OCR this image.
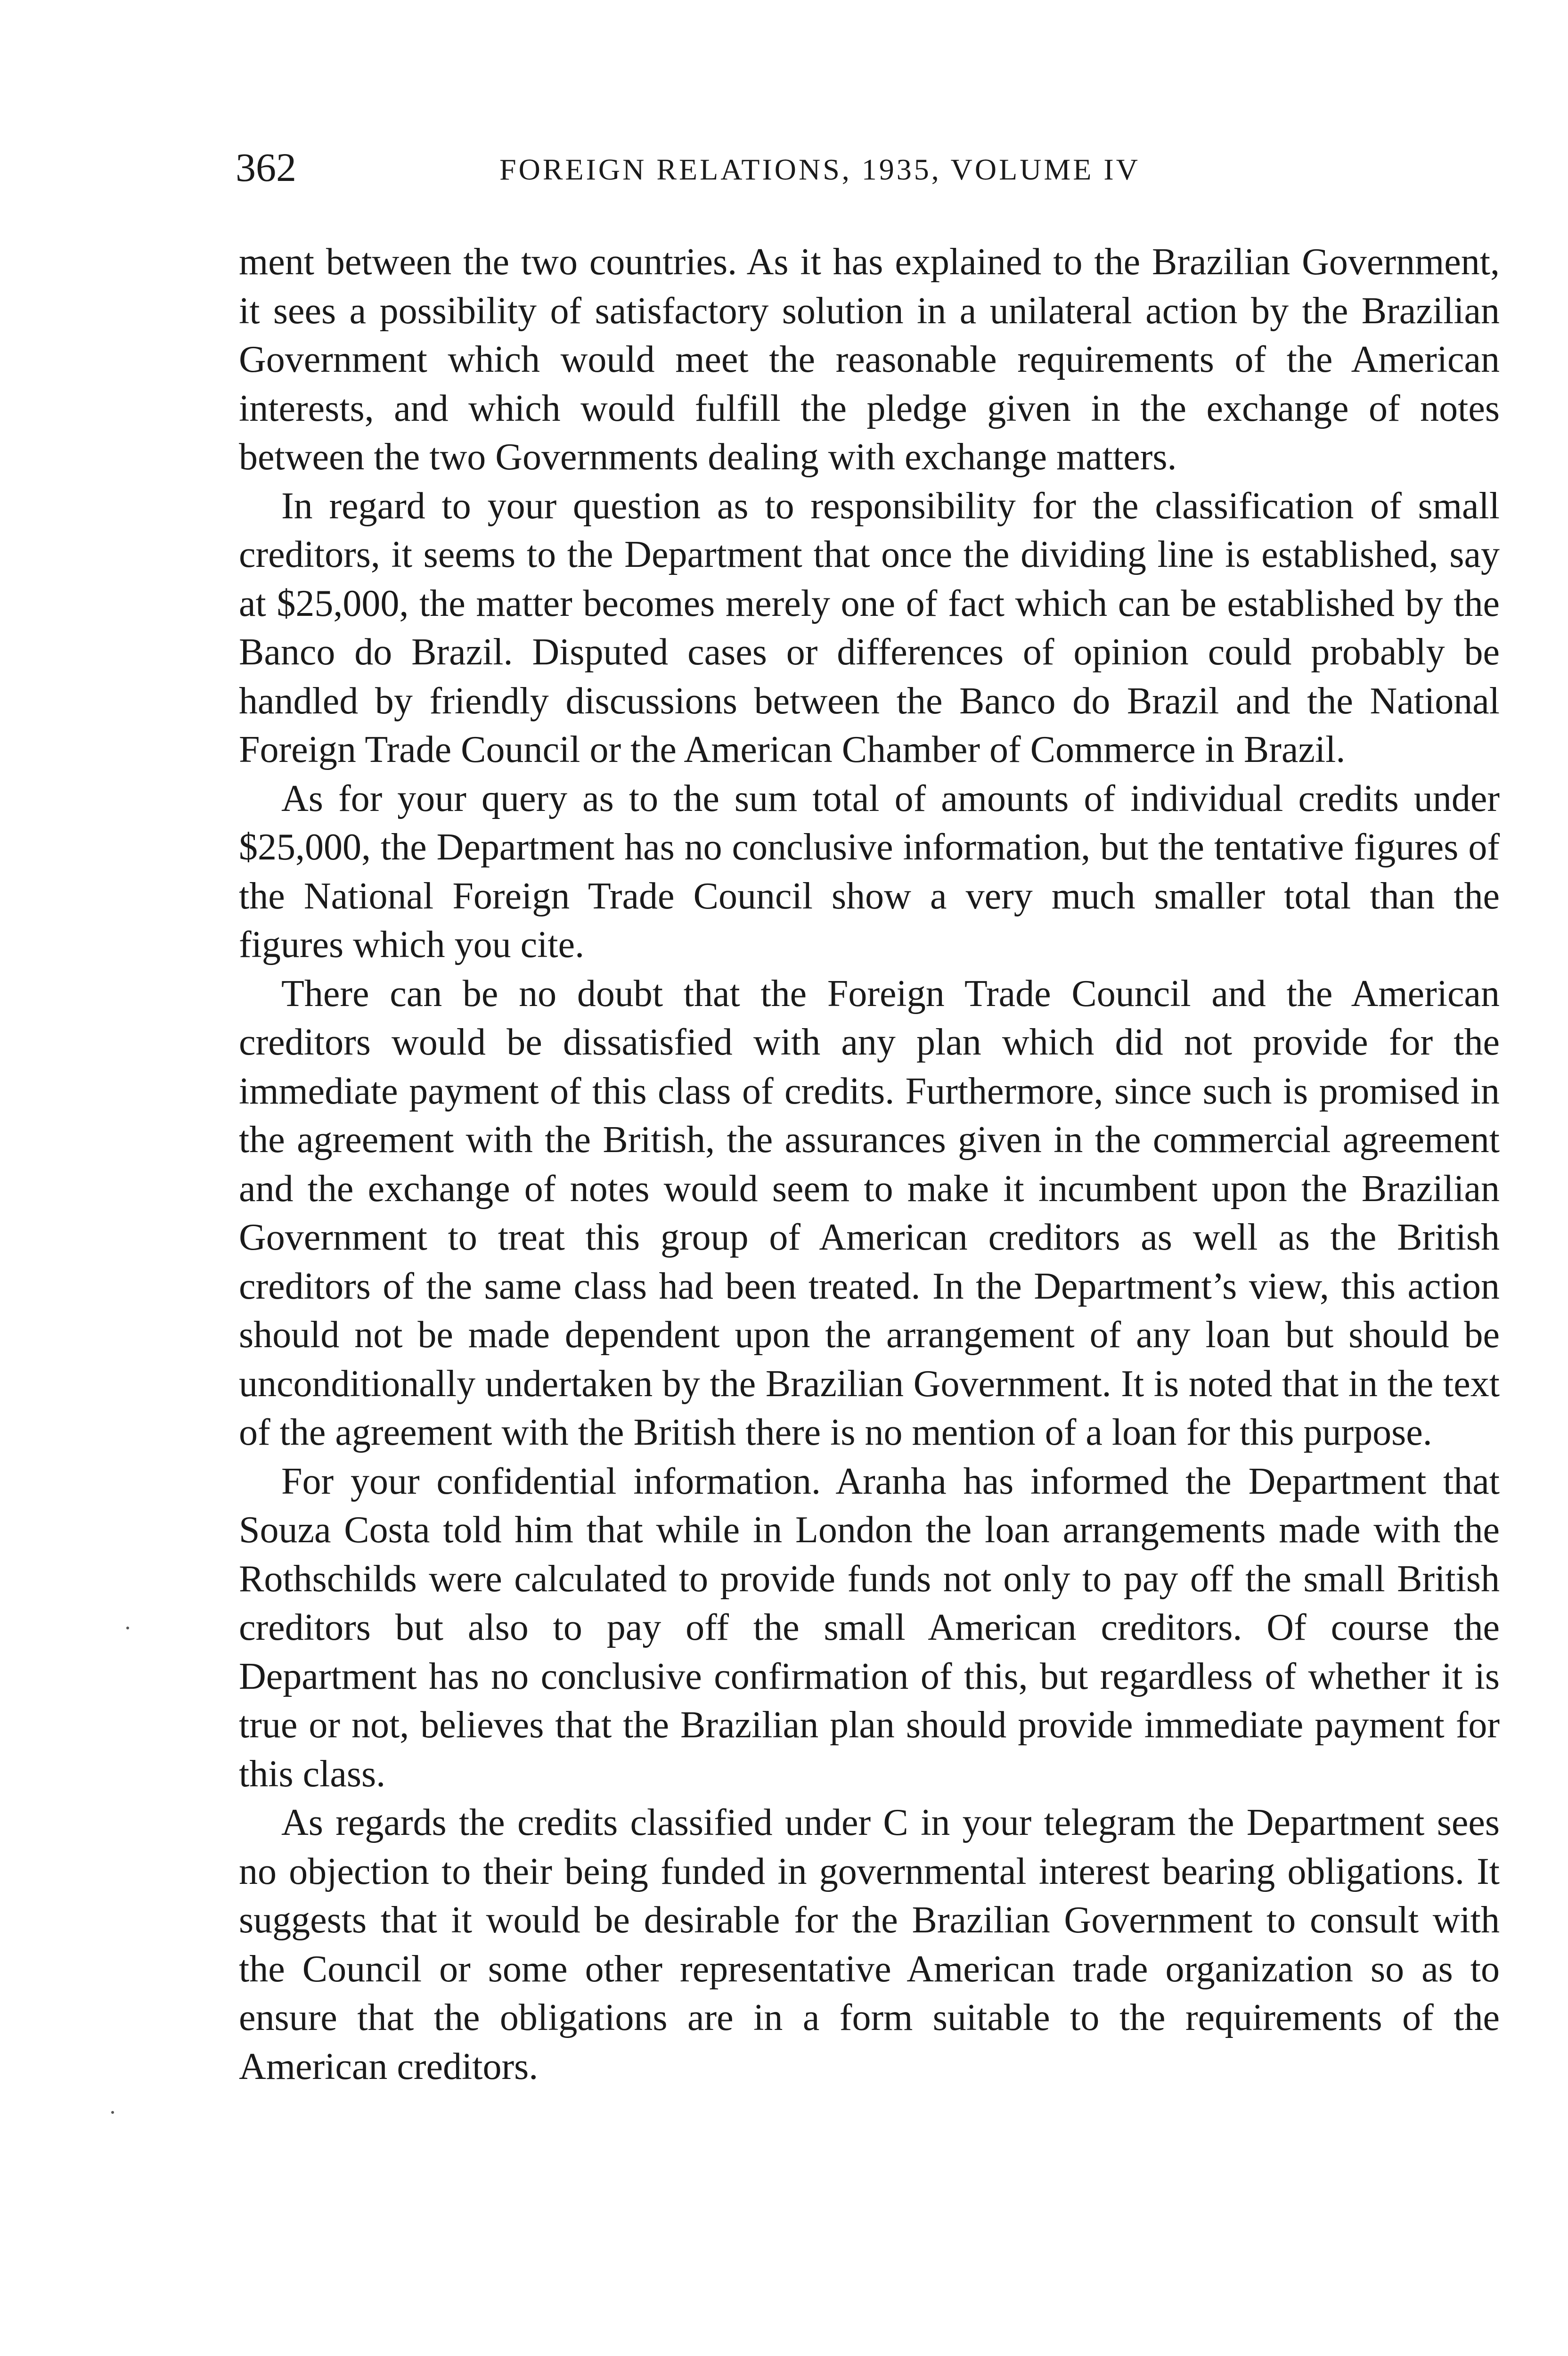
362	FOREIGN RELATIONS, 1935, VOLUME IV

ment between the two countries. As it has explained to the Brazilian Government, it sees a possibility of satisfactory solution in a unilateral action by the Brazilian Government which would meet the reasonable requirements of the American interests, and which would fulfill the pledge given in the exchange of notes between the two Governments dealing with exchange matters.

In regard to your question as to responsibility for the classification of small creditors, it seems to the Department that once the dividing line is established, say at $25,000, the matter becomes merely one of fact which can be established by the Banco do Brazil. Disputed cases or differences of opinion could probably be handled by friendly discussions between the Banco do Brazil and the National Foreign Trade Council or the American Chamber of Commerce in Brazil.

As for your query as to the sum total of amounts of individual credits under $25,000, the Department has no conclusive information, but the tentative figures of the National Foreign Trade Council show a very much smaller total than the figures which you cite.

There can be no doubt that the Foreign Trade Council and the American creditors would be dissatisfied with any plan which did not provide for the immediate payment of this class of credits. Furthermore, since such is promised in the agreement with the British, the assurances given in the commercial agreement and the exchange of notes would seem to make it incumbent upon the Brazilian Government to treat this group of American creditors as well as the British creditors of the same class had been treated. In the Department’s view, this action should not be made dependent upon the arrangement of any loan but should be unconditionally undertaken by the Brazilian Government. It is noted that in the text of the agreement with the British there is no mention of a loan for this purpose.

For your confidential information. Aranha has informed the Department that Souza Costa told him that while in London the loan arrangements made with the Rothschilds were calculated to provide funds not only to pay off the small British creditors but also to pay off the small American creditors. Of course the Department has no conclusive confirmation of this, but regardless of whether it is true or not, believes that the Brazilian plan should provide immediate payment for this class.

As regards the credits classified under C in your telegram the Department sees no objection to their being funded in governmental interest bearing obligations. It suggests that it would be desirable for the Brazilian Government to consult with the Council or some other representative American trade organization so as to ensure that the obligations are in a form suitable to the requirements of the American creditors.
